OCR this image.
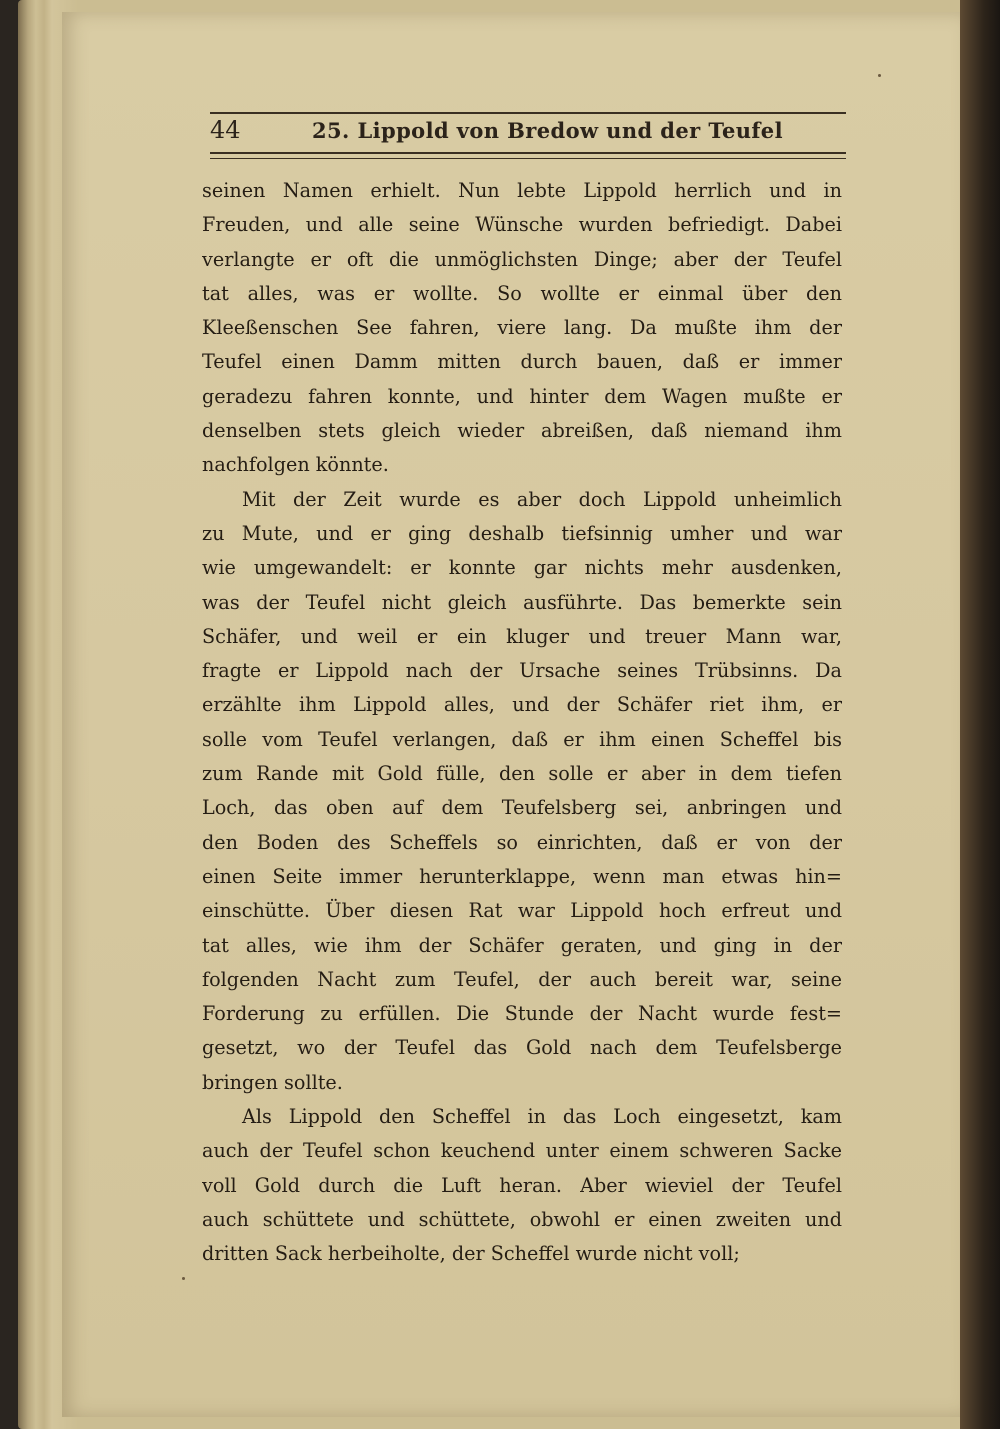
44	25. Lippold von Bredow und der Teufel
seinen Namen erhielt. Nun lebte Lippold herrlich und in
Freuden, und alle seine Wünsche wurden befriedigt. Dabei
verlangte er oft die unmöglichsten Dinge; aber der Teufel
tat alles, was er wollte. So wollte er einmal über den
Kleeßenschen See fahren, viere lang. Da mußte ihm der
Teufel einen Damm mitten durch bauen, daß er immer
geradezu fahren konnte, und hinter dem Wagen mußte er
denselben stets gleich wieder abreißen, daß niemand ihm
nachfolgen könnte.
Mit der Zeit wurde es aber doch Lippold unheimlich
zu Mute, und er ging deshalb tiefsinnig umher und war
wie umgewandelt: er konnte gar nichts mehr ausdenken,
was der Teufel nicht gleich ausführte. Das bemerkte sein
Schäfer, und weil er ein kluger und treuer Mann war,
fragte er Lippold nach der Ursache seines Trübsinns. Da
erzählte ihm Lippold alles, und der Schäfer riet ihm, er
solle vom Teufel verlangen, daß er ihm einen Scheffel bis
zum Rande mit Gold fülle, den solle er aber in dem tiefen
Loch, das oben auf dem Teufelsberg sei, anbringen und
den Boden des Scheffels so einrichten, daß er von der
einen Seite immer herunterklappe, wenn man etwas hin=
einschütte. Über diesen Rat war Lippold hoch erfreut und
tat alles, wie ihm der Schäfer geraten, und ging in der
folgenden Nacht zum Teufel, der auch bereit war, seine
Forderung zu erfüllen. Die Stunde der Nacht wurde fest=
gesetzt, wo der Teufel das Gold nach dem Teufelsberge
bringen sollte.
Als Lippold den Scheffel in das Loch eingesetzt, kam
auch der Teufel schon keuchend unter einem schweren Sacke
voll Gold durch die Luft heran. Aber wieviel der Teufel
auch schüttete und schüttete, obwohl er einen zweiten und
dritten Sack herbeiholte, der Scheffel wurde nicht voll;
